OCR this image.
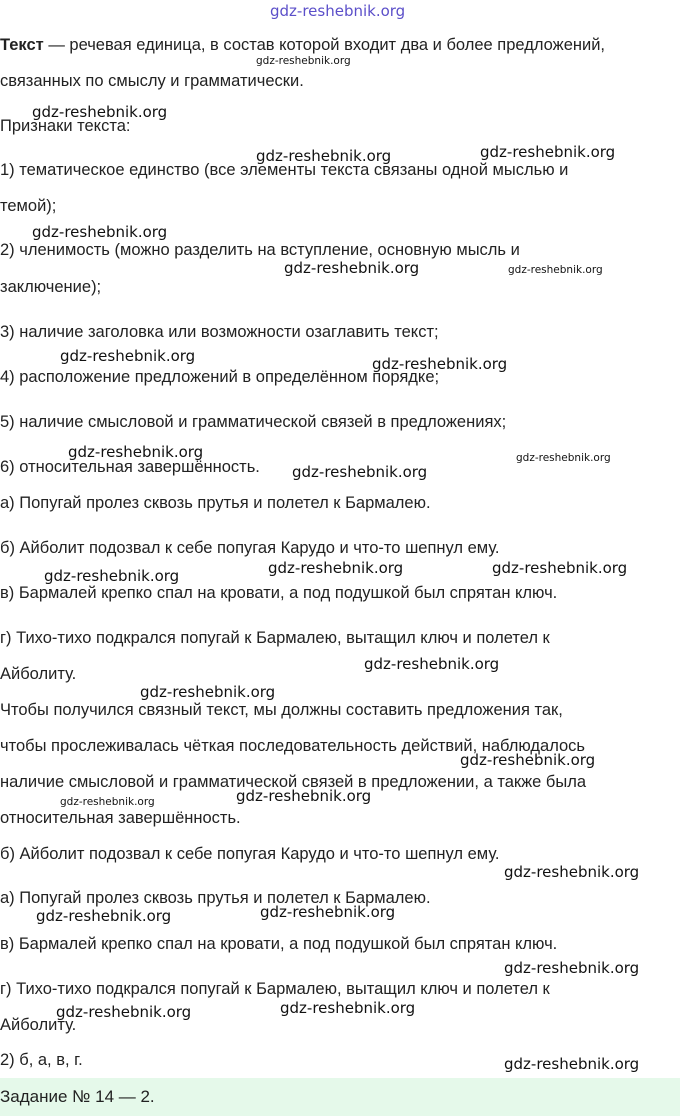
gdz-reshebnik.org

Текст — речевая единица, в состав которой входит два и более предложений,

связанных по смыслу и грамматически.

Признаки текста:

1) тематическое единство (все элементы текста связаны одной мыслью и

темой);

2) членимость (можно разделить на вступление, основную мысль и

заключение);

3) наличие заголовка или возможности озаглавить текст;

4) расположение предложений в определённом порядке;

5) наличие смысловой и грамматической связей в предложениях;

6) относительная завершённость.

а) Попугай пролез сквозь прутья и полетел к Бармалею.

б) Айболит подозвал к себе попугая Карудо и что-то шепнул ему.

в) Бармалей крепко спал на кровати, а под подушкой был спрятан ключ.

г) Тихо-тихо подкрался попугай к Бармалею, вытащил ключ и полетел к

Айболиту.

Чтобы получился связный текст, мы должны составить предложения так,

чтобы прослеживалась чёткая последовательность действий, наблюдалось

наличие смысловой и грамматической связей в предложении, а также была

относительная завершённость.

б) Айболит подозвал к себе попугая Карудо и что-то шепнул ему.

а) Попугай пролез сквозь прутья и полетел к Бармалею.

в) Бармалей крепко спал на кровати, а под подушкой был спрятан ключ.

г) Тихо-тихо подкрался попугай к Бармалею, вытащил ключ и полетел к

Айболиту.

2) б, а, в, г.

Задание № 14 — 2.
gdz-reshebnik.org
gdz-reshebnik.org
gdz-reshebnik.org	gdz-reshebnik.org
gdz-reshebnik.org
gdz-reshebnik.org	gdz-reshebnik.org
gdz-reshebnik.org	gdz-reshebnik.org
gdz-reshebnik.org	gdz-reshebnik.org
gdz-reshebnik.org
gdz-reshebnik.org	gdz-reshebnik.org	gdz-reshebnik.org
gdz-reshebnik.org
gdz-reshebnik.org
gdz-reshebnik.org
gdz-reshebnik.org
gdz-reshebnik.org
gdz-reshebnik.org
gdz-reshebnik.org	gdz-reshebnik.org
gdz-reshebnik.org
gdz-reshebnik.org	gdz-reshebnik.org
gdz-reshebnik.org
